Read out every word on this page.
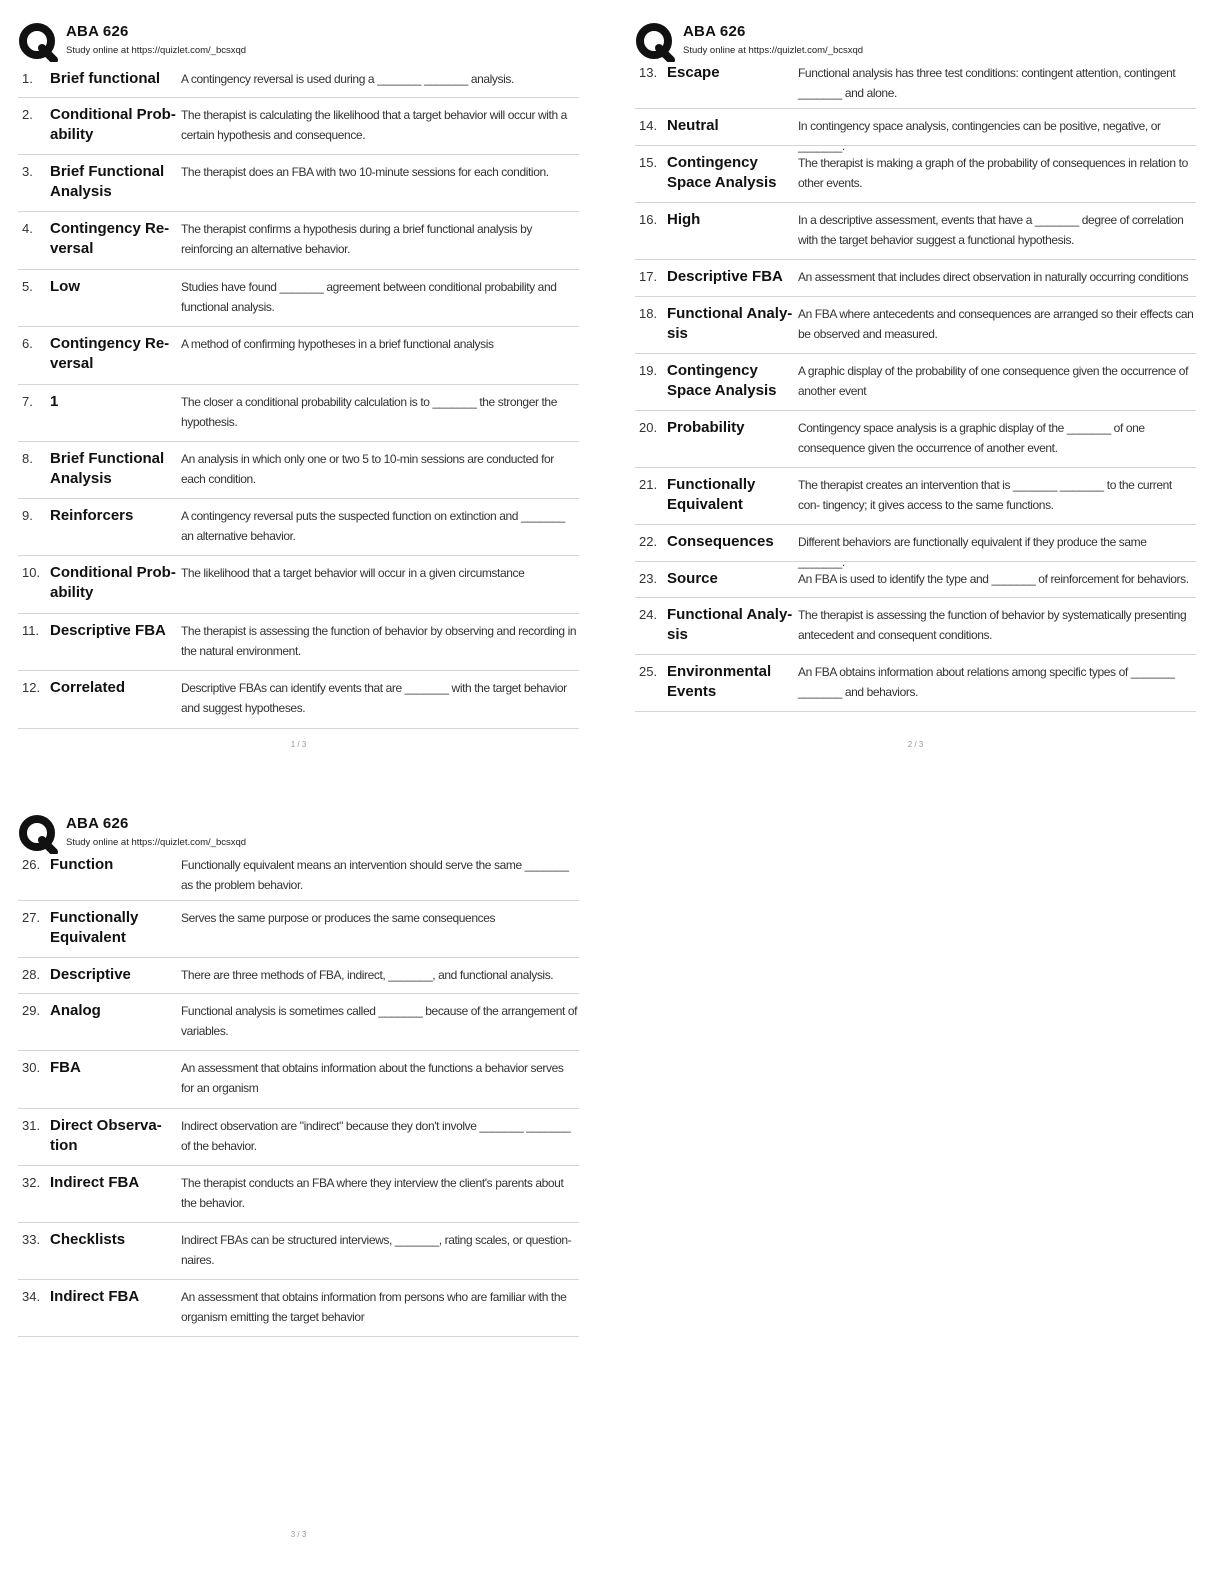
ABA 626
Study online at https://quizlet.com/_bcsxqd
1.	Brief functional	A contingency reversal is used during a _______ _______ analysis.
2.	Conditional Prob- ability
The therapist is calculating the likelihood that a target behavior will occur with a certain hypothesis and consequence.
3.	Brief Functional Analysis
The therapist does an FBA with two 10-minute sessions for each condition.
4.	Contingency Re- versal
The therapist confirms a hypothesis during a brief functional analysis by reinforcing an alternative behavior.
5.	Low	Studies have found _______ agreement between conditional probability and functional analysis.
6.	Contingency Re- versal
A method of confirming hypotheses in a brief functional analysis
7.	1	The closer a conditional probability calculation is to _______ the stronger the hypothesis.
8.	Brief Functional Analysis
An analysis in which only one or two 5 to 10-min sessions are conducted for each condition.
9.	Reinforcers	A contingency reversal puts the suspected function on extinction and _______ an alternative behavior.
10. Conditional Prob- ability
The likelihood that a target behavior will occur in a given circumstance
11. Descriptive FBA	The therapist is assessing the function of behavior by observing and recording in the natural environment.
12. Correlated	Descriptive FBAs can identify events that are _______ with the target behavior and suggest hypotheses.
1 / 3
ABA 626
Study online at https://quizlet.com/_bcsxqd
13. Escape	Functional analysis has three test conditions: contingent attention, contingent _______ and alone.
14. Neutral	In contingency space analysis, contingencies can be positive, negative, or _______.
15. Contingency Space Analysis
The therapist is making a graph of the probability of consequences in relation to other events.
16. High	In a descriptive assessment, events that have a _______ degree of correlation with the target behavior suggest a functional hypothesis.
17. Descriptive FBA	An assessment that includes direct observation in naturally occurring conditions
18. Functional Analy- sis
An FBA where antecedents and consequences are arranged so their effects can be observed and measured.
19. Contingency Space Analysis
A graphic display of the probability of one consequence given the occurrence of another event
20. Probability	Contingency space analysis is a graphic display of the _______ of one consequence given the occurrence of another event.
21. Functionally Equivalent
The therapist creates an intervention that is _______ _______ to the current con- tingency; it gives access to the same functions.
22. Consequences	Different behaviors are functionally equivalent if they produce the same _______.
23. Source	An FBA is used to identify the type and _______ of reinforcement for behaviors.
24. Functional Analy- sis
The therapist is assessing the function of behavior by systematically presenting antecedent and consequent conditions.
25. Environmental Events
An FBA obtains information about relations among specific types of _______ _______ and behaviors.
2 / 3
ABA 626
Study online at https://quizlet.com/_bcsxqd
26. Function	Functionally equivalent means an intervention should serve the same _______ as the problem behavior.
27. Functionally Equivalent
Serves the same purpose or produces the same consequences
28. Descriptive	There are three methods of FBA, indirect, _______, and functional analysis.
29. Analog	Functional analysis is sometimes called _______ because of the arrangement of variables.
30. FBA	An assessment that obtains information about the functions a behavior serves for an organism
31. Direct Observa- tion
Indirect observation are "indirect" because they don't involve _______ _______ of the behavior.
32. Indirect FBA	The therapist conducts an FBA where they interview the client's parents about the behavior.
33. Checklists	Indirect FBAs can be structured interviews, _______, rating scales, or question- naires.
34. Indirect FBA	An assessment that obtains information from persons who are familiar with the organism emitting the target behavior
3 / 3
